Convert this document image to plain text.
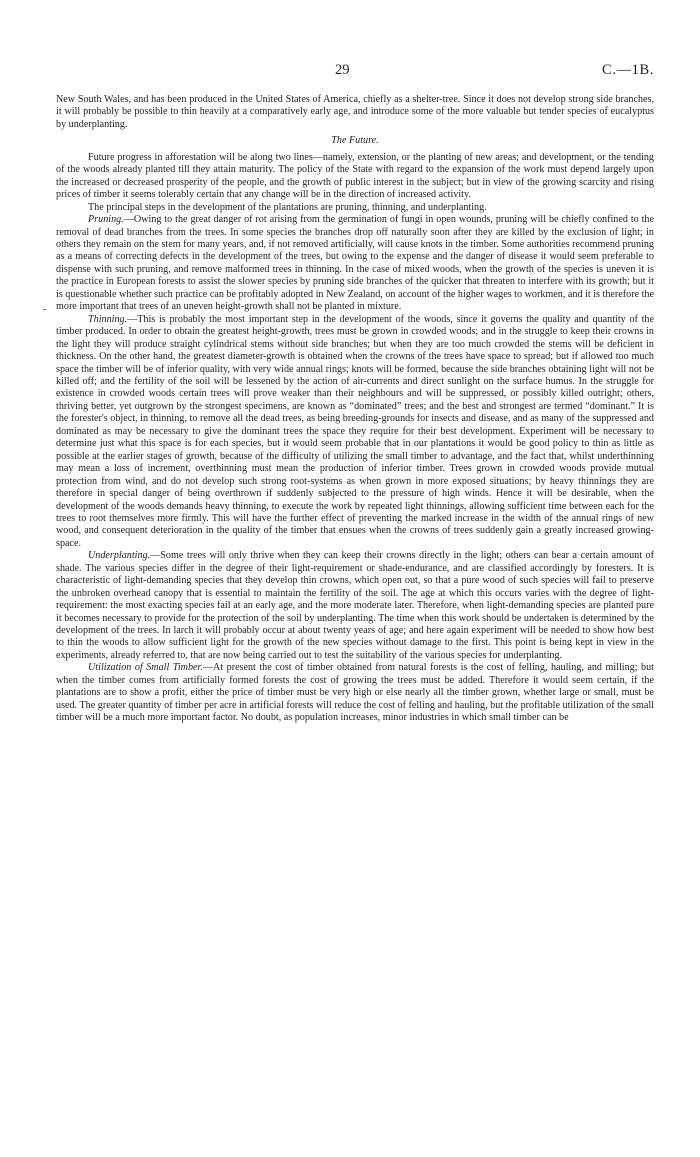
29	C.—1B.
-

New South Wales, and has been produced in the United States of America, chiefly as a shelter-tree. Since it does not develop strong side branches, it will probably be possible to thin heavily at a comparatively early age, and introduce some of the more valuable but tender species of eucalyptus by underplanting.

The Future.

Future progress in afforestation will be along two lines—namely, extension, or the planting of new areas; and development, or the tending of the woods already planted till they attain maturity. The policy of the State with regard to the expansion of the work must depend largely upon the increased or decreased prosperity of the people, and the growth of public interest in the subject; but in view of the growing scarcity and rising prices of timber it seems tolerably certain that any change will be in the direction of increased activity.

The principal steps in the development of the plantations are pruning, thinning, and underplanting.

Pruning.—Owing to the great danger of rot arising from the germination of fungi in open wounds, pruning will be chiefly confined to the removal of dead branches from the trees. In some species the branches drop off naturally soon after they are killed by the exclusion of light; in others they remain on the stem for many years, and, if not removed artificially, will cause knots in the timber. Some authorities recommend pruning as a means of correcting defects in the development of the trees, but owing to the expense and the danger of disease it would seem preferable to dispense with such pruning, and remove malformed trees in thinning. In the case of mixed woods, when the growth of the species is uneven it is the practice in European forests to assist the slower species by pruning side branches of the quicker that threaten to interfere with its growth; but it is questionable whether such practice can be profitably adopted in New Zealand, on account of the higher wages to workmen, and it is therefore the more important that trees of an uneven height-growth shall not be planted in mixture.

Thinning.—This is probably the most important step in the development of the woods, since it governs the quality and quantity of the timber produced. In order to obtain the greatest height-growth, trees must be grown in crowded woods; and in the struggle to keep their crowns in the light they will produce straight cylindrical stems without side branches; but when they are too much crowded the stems will be deficient in thickness. On the other hand, the greatest diameter-growth is obtained when the crowns of the trees have space to spread; but if allowed too much space the timber will be of inferior quality, with very wide annual rings; knots will be formed, because the side branches obtaining light will not be killed off; and the fertility of the soil will be lessened by the action of air-currents and direct sunlight on the surface humus. In the struggle for existence in crowded woods certain trees will prove weaker than their neighbours and will be suppressed, or possibly killed outright; others, thriving better, yet outgrown by the strongest specimens, are known as “dominated” trees; and the best and strongest are termed “dominant.” It is the forester's object, in thinning, to remove all the dead trees, as being breeding-grounds for insects and disease, and as many of the suppressed and dominated as may be necessary to give the dominant trees the space they require for their best development. Experiment will be necessary to determine just what this space is for each species, but it would seem probable that in our plantations it would be good policy to thin as little as possible at the earlier stages of growth, because of the difficulty of utilizing the small timber to advantage, and the fact that, whilst underthinning may mean a loss of increment, overthinning must mean the production of inferior timber. Trees grown in crowded woods provide mutual protection from wind, and do not develop such strong root-systems as when grown in more exposed situations; by heavy thinnings they are therefore in special danger of being overthrown if suddenly subjected to the pressure of high winds. Hence it will be desirable, when the development of the woods demands heavy thinning, to execute the work by repeated light thinnings, allowing sufficient time between each for the trees to root themselves more firmly. This will have the further effect of preventing the marked increase in the width of the annual rings of new wood, and consequent deterioration in the quality of the timber that ensues when the crowns of trees suddenly gain a greatly increased growing-space.

Underplanting.—Some trees will only thrive when they can keep their crowns directly in the light; others can bear a certain amount of shade. The various species differ in the degree of their light-requirement or shade-endurance, and are classified accordingly by foresters. It is characteristic of light-demanding species that they develop thin crowns, which open out, so that a pure wood of such species will fail to preserve the unbroken overhead canopy that is essential to maintain the fertility of the soil. The age at which this occurs varies with the degree of light-requirement: the most exacting species fail at an early age, and the more moderate later. Therefore, when light-demanding species are planted pure it becomes necessary to provide for the protection of the soil by underplanting. The time when this work should be undertaken is determined by the development of the trees. In larch it will probably occur at about twenty years of age; and here again experiment will be needed to show how best to thin the woods to allow sufficient light for the growth of the new species without damage to the first. This point is being kept in view in the experiments, already referred to, that are now being carried out to test the suitability of the various species for underplanting.

Utilization of Small Timber.—At present the cost of timber obtained from natural forests is the cost of felling, hauling, and milling; but when the timber comes from artificially formed forests the cost of growing the trees must be added. Therefore it would seem certain, if the plantations are to show a profit, either the price of timber must be very high or else nearly all the timber grown, whether large or small, must be used. The greater quantity of timber per acre in artificial forests will reduce the cost of felling and hauling, but the profitable utilization of the small timber will be a much more important factor. No doubt, as population increases, minor industries in which small timber can be
